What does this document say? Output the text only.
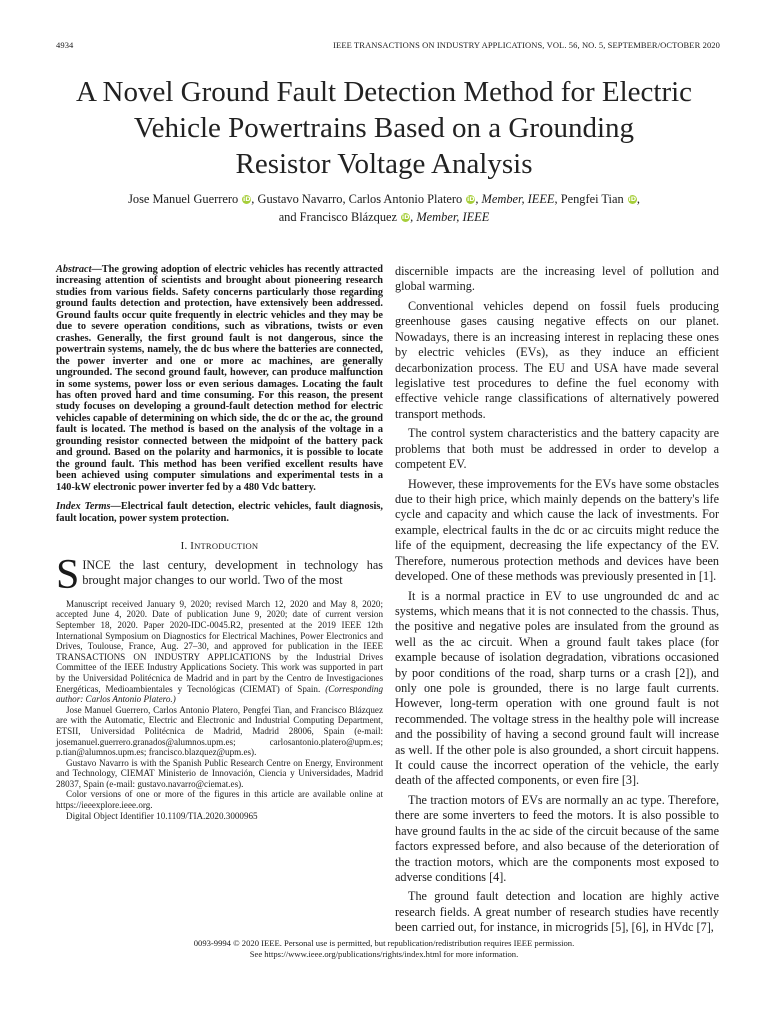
4934	IEEE TRANSACTIONS ON INDUSTRY APPLICATIONS, VOL. 56, NO. 5, SEPTEMBER/OCTOBER 2020
A Novel Ground Fault Detection Method for Electric
Vehicle Powertrains Based on a Grounding
Resistor Voltage Analysis
Jose Manuel Guerrero iD, Gustavo Navarro, Carlos Antonio Platero iD, Member, IEEE, Pengfei Tian iD,
and Francisco Blázquez iD, Member, IEEE

Abstract—The growing adoption of electric vehicles has recently attracted increasing attention of scientists and brought about pioneering research studies from various fields. Safety concerns particularly those regarding ground faults detection and protection, have extensively been addressed. Ground faults occur quite frequently in electric vehicles and they may be due to severe operation conditions, such as vibrations, twists or even crashes. Generally, the first ground fault is not dangerous, since the powertrain systems, namely, the dc bus where the batteries are connected, the power inverter and one or more ac machines, are generally ungrounded. The second ground fault, however, can produce malfunction in some systems, power loss or even serious damages. Locating the fault has often proved hard and time consuming. For this reason, the present study focuses on developing a ground-fault detection method for electric vehicles capable of determining on which side, the dc or the ac, the ground fault is located. The method is based on the analysis of the voltage in a grounding resistor connected between the midpoint of the battery pack and ground. Based on the polarity and harmonics, it is possible to locate the ground fault. This method has been verified excellent results have been achieved using computer simulations and experimental tests in a 140-kW electronic power inverter fed by a 480 Vdc battery.

Index Terms—Electrical fault detection, electric vehicles, fault diagnosis, fault location, power system protection.

I. INTRODUCTION

SINCE the last century, development in technology has brought major changes to our world. Two of the most

Manuscript received January 9, 2020; revised March 12, 2020 and May 8, 2020; accepted June 4, 2020. Date of publication June 9, 2020; date of current version September 18, 2020. Paper 2020-IDC-0045.R2, presented at the 2019 IEEE 12th International Symposium on Diagnostics for Electrical Machines, Power Electronics and Drives, Toulouse, France, Aug. 27–30, and approved for publication in the IEEE TRANSACTIONS ON INDUSTRY APPLICATIONS by the Industrial Drives Committee of the IEEE Industry Applications Society. This work was supported in part by the Universidad Politécnica de Madrid and in part by the Centro de Investigaciones Energéticas, Medioambientales y Tecnológicas (CIEMAT) of Spain. (Corresponding author: Carlos Antonio Platero.)

Jose Manuel Guerrero, Carlos Antonio Platero, Pengfei Tian, and Francisco Blázquez are with the Automatic, Electric and Electronic and Industrial Computing Department, ETSII, Universidad Politécnica de Madrid, Madrid 28006, Spain (e-mail: josemanuel.guerrero.granados@alumnos.upm.es; carlosantonio.platero@upm.es; p.tian@alumnos.upm.es; francisco.blazquez@upm.es).

Gustavo Navarro is with the Spanish Public Research Centre on Energy, Environment and Technology, CIEMAT Ministerio de Innovación, Ciencia y Universidades, Madrid 28037, Spain (e-mail: gustavo.navarro@ciemat.es).

Color versions of one or more of the figures in this article are available online at https://ieeexplore.ieee.org.

Digital Object Identifier 10.1109/TIA.2020.3000965

discernible impacts are the increasing level of pollution and global warming.

Conventional vehicles depend on fossil fuels producing greenhouse gases causing negative effects on our planet. Nowadays, there is an increasing interest in replacing these ones by electric vehicles (EVs), as they induce an efficient decarbonization process. The EU and USA have made several legislative test procedures to define the fuel economy with effective vehicle range classifications of alternatively powered transport methods.

The control system characteristics and the battery capacity are problems that both must be addressed in order to develop a competent EV.

However, these improvements for the EVs have some obstacles due to their high price, which mainly depends on the battery's life cycle and capacity and which cause the lack of investments. For example, electrical faults in the dc or ac circuits might reduce the life of the equipment, decreasing the life expectancy of the EV. Therefore, numerous protection methods and devices have been developed. One of these methods was previously presented in [1].

It is a normal practice in EV to use ungrounded dc and ac systems, which means that it is not connected to the chassis. Thus, the positive and negative poles are insulated from the ground as well as the ac circuit. When a ground fault takes place (for example because of isolation degradation, vibrations occasioned by poor conditions of the road, sharp turns or a crash [2]), and only one pole is grounded, there is no large fault currents. However, long-term operation with one ground fault is not recommended. The voltage stress in the healthy pole will increase and the possibility of having a second ground fault will increase as well. If the other pole is also grounded, a short circuit happens. It could cause the incorrect operation of the vehicle, the early death of the affected components, or even fire [3].

The traction motors of EVs are normally an ac type. Therefore, there are some inverters to feed the motors. It is also possible to have ground faults in the ac side of the circuit because of the same factors expressed before, and also because of the deterioration of the traction motors, which are the components most exposed to adverse conditions [4].

The ground fault detection and location are highly active research fields. A great number of research studies have recently been carried out, for instance, in microgrids [5], [6], in HVdc [7],

0093-9994 © 2020 IEEE. Personal use is permitted, but republication/redistribution requires IEEE permission.
See https://www.ieee.org/publications/rights/index.html for more information.
